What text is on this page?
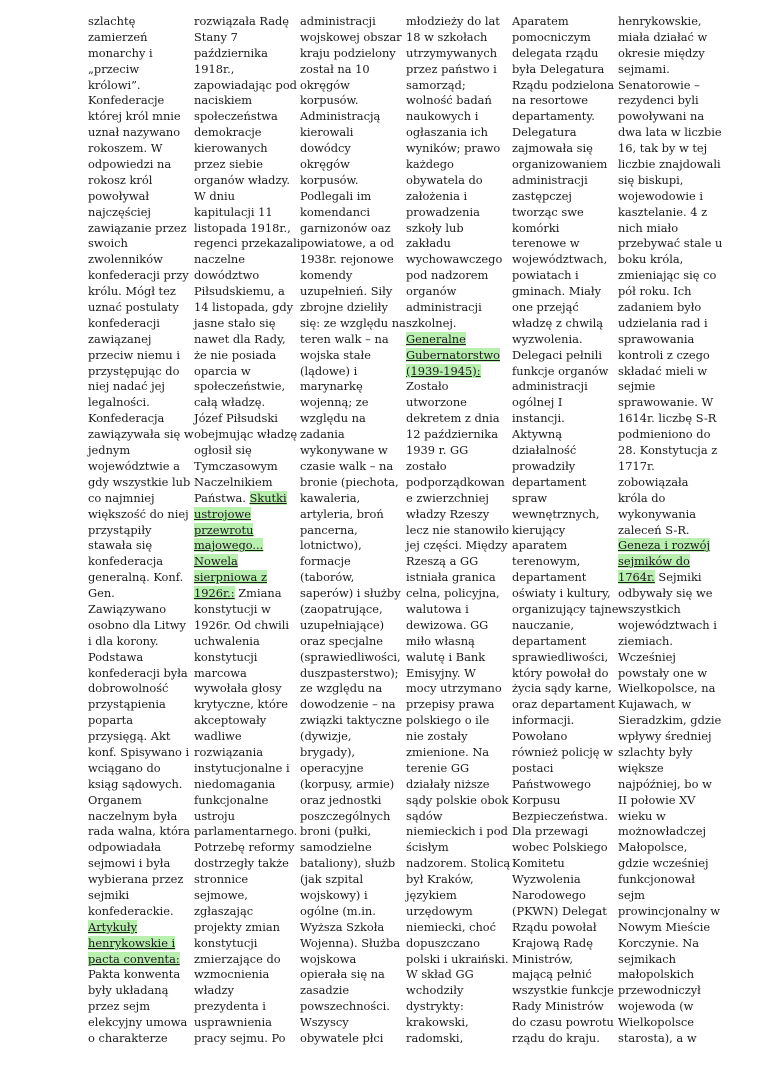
szlachtę
zamierzeń
monarchy i
„przeciw
królowi”.
Konfederacje
której król mnie
uznał nazywano
rokoszem. W
odpowiedzi na
rokosz król
powoływał
najczęściej
zawiązanie przez
swoich
zwolenników
konfederacji przy
królu. Mógł tez
uznać postulaty
konfederacji
zawiązanej
przeciw niemu i
przystępując do
niej nadać jej
legalności.
Konfederacja
zawiązywała się w
jednym
województwie a
gdy wszystkie lub
co najmniej
większość do niej
przystąpiły
stawała się
konfederacja
generalną. Konf.
Gen.
Zawiązywano
osobno dla Litwy
i dla korony.
Podstawa
konfederacji była
dobrowolność
przystąpienia
poparta
przysięgą. Akt
konf. Spisywano i
wciągano do
ksiąg sądowych.
Organem
naczelnym była
rada walna, która
odpowiadała
sejmowi i była
wybierana przez
sejmiki
konfederackie.
Artykuły
henrykowskie i
pacta conventa:
Pakta konwenta
były układaną
przez sejm
elekcyjny umowa
o charakterze
rozwiązała Radę
Stany 7
października
1918r.,
zapowiadając pod
naciskiem
społeczeństwa
demokracje
kierowanych
przez siebie
organów władzy.
W dniu
kapitulacji 11
listopada 1918r.,
regenci przekazali
naczelne
dowództwo
Piłsudskiemu, a
14 listopada, gdy
jasne stało się
nawet dla Rady,
że nie posiada
oparcia w
społeczeństwie,
całą władzę.
Józef Piłsudski
obejmując władzę
ogłosił się
Tymczasowym
Naczelnikiem
Państwa. Skutki
ustrojowe
przewrotu
majowego...
Nowela
sierpniowa z
1926r.: Zmiana
konstytucji w
1926r. Od chwili
uchwalenia
konstytucji
marcowa
wywołała głosy
krytyczne, które
akceptowały
wadliwe
rozwiązania
instytucjonalne i
niedomagania
funkcjonalne
ustroju
parlamentarnego.
Potrzebę reformy
dostrzegły także
stronnice
sejmowe,
zgłaszając
projekty zmian
konstytucji
zmierzające do
wzmocnienia
władzy
prezydenta i
usprawnienia
pracy sejmu. Po
administracji
wojskowej obszar
kraju podzielony
został na 10
okręgów
korpusów.
Administracją
kierowali
dowódcy
okręgów
korpusów.
Podlegali im
komendanci
garnizonów oaz
powiatowe, a od
1938r. rejonowe
komendy
uzupełnień. Siły
zbrojne dzieliły
się: ze względu na
teren walk – na
wojska stałe
(lądowe) i
marynarkę
wojenną; ze
względu na
zadania
wykonywane w
czasie walk – na
bronie (piechota,
kawaleria,
artyleria, broń
pancerna,
lotnictwo),
formacje
(taborów,
saperów) i służby
(zaopatrujące,
uzupełniające)
oraz specjalne
(sprawiedliwości,
duszpasterstwo);
ze względu na
dowodzenie – na
związki taktyczne
(dywizje,
brygady),
operacyjne
(korpusy, armie)
oraz jednostki
poszczególnych
broni (pułki,
samodzielne
bataliony), służb
(jak szpital
wojskowy) i
ogólne (m.in.
Wyższa Szkoła
Wojenna). Służba
wojskowa
opierała się na
zasadzie
powszechności.
Wszyscy
obywatele płci
młodzieży do lat
18 w szkołach
utrzymywanych
przez państwo i
samorząd;
wolność badań
naukowych i
ogłaszania ich
wyników; prawo
każdego
obywatela do
założenia i
prowadzenia
szkoły lub
zakładu
wychowawczego
pod nadzorem
organów
administracji
szkolnej.
Generalne
Gubernatorstwo
(1939-1945):
Zostało
utworzone
dekretem z dnia
12 października
1939 r. GG
zostało
podporządkowan
e zwierzchniej
władzy Rzeszy
lecz nie stanowiło
jej części. Między
Rzeszą a GG
istniała granica
celna, policyjna,
walutowa i
dewizowa. GG
miło własną
walutę i Bank
Emisyjny. W
mocy utrzymano
przepisy prawa
polskiego o ile
nie zostały
zmienione. Na
terenie GG
działały niższe
sądy polskie obok
sądów
niemieckich i pod
ścisłym
nadzorem. Stolicą
był Kraków,
językiem
urzędowym
niemiecki, choć
dopuszczano
polski i ukraiński.
W skład GG
wchodziły
dystrykty:
krakowski,
radomski,
Aparatem
pomocniczym
delegata rządu
była Delegatura
Rządu podzielona
na resortowe
departamenty.
Delegatura
zajmowała się
organizowaniem
administracji
zastępczej
tworząc swe
komórki
terenowe w
województwach,
powiatach i
gminach. Miały
one przejąć
władzę z chwilą
wyzwolenia.
Delegaci pełnili
funkcje organów
administracji
ogólnej I
instancji.
Aktywną
działalność
prowadziły
departament
spraw
wewnętrznych,
kierujący
aparatem
terenowym,
departament
oświaty i kultury,
organizujący tajne
nauczanie,
departament
sprawiedliwości,
który powołał do
życia sądy karne,
oraz departament
informacji.
Powołano
również policję w
postaci
Państwowego
Korpusu
Bezpieczeństwa.
Dla przewagi
wobec Polskiego
Komitetu
Wyzwolenia
Narodowego
(PKWN) Delegat
Rządu powołał
Krajową Radę
Ministrów,
mającą pełnić
wszystkie funkcje
Rady Ministrów
do czasu powrotu
rządu do kraju.
henrykowskie,
miała działać w
okresie między
sejmami.
Senatorowie –
rezydenci byli
powoływani na
dwa lata w liczbie
16, tak by w tej
liczbie znajdowali
się biskupi,
wojewodowie i
kasztelanie. 4 z
nich miało
przebywać stale u
boku króla,
zmieniając się co
pół roku. Ich
zadaniem było
udzielania rad i
sprawowania
kontroli z czego
składać mieli w
sejmie
sprawowanie. W
1614r. liczbę S-R
podmieniono do
28. Konstytucja z
1717r.
zobowiązała
króla do
wykonywania
zaleceń S-R.
Geneza i rozwój
sejmików do
1764r. Sejmiki
odbywały się we
wszystkich
województwach i
ziemiach.
Wcześniej
powstały one w
Wielkopolsce, na
Kujawach, w
Sieradzkim, gdzie
wpływy średniej
szlachty były
większe
najpóźniej, bo w
II połowie XV
wieku w
możnowładczej
Małopolsce,
gdzie wcześniej
funkcjonował
sejm
prowincjonalny w
Nowym Mieście
Korczynie. Na
sejmikach
małopolskich
przewodniczył
wojewoda (w
Wielkopolsce
starosta), a w
